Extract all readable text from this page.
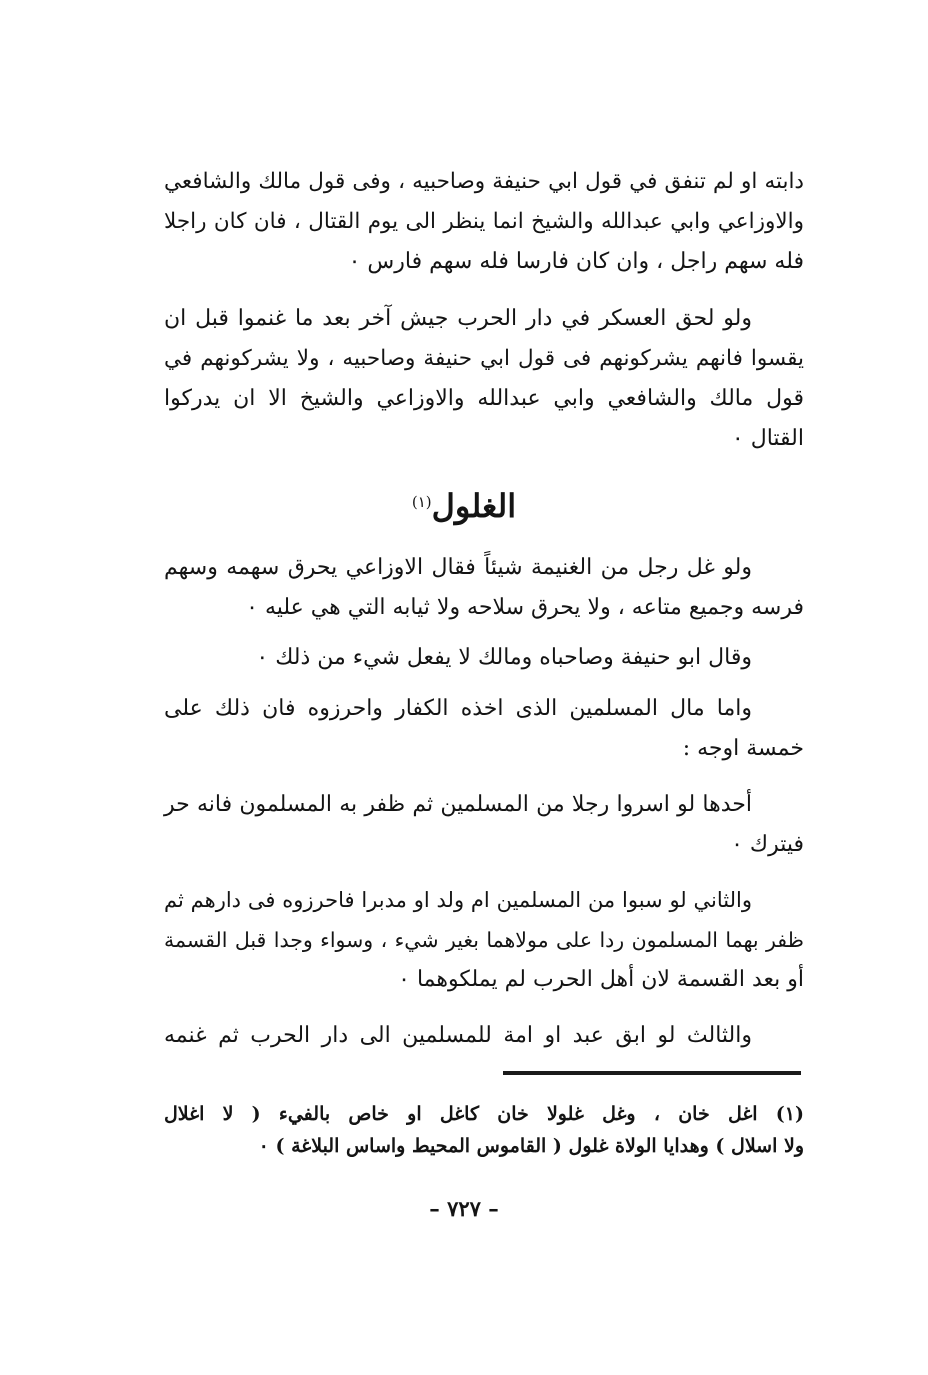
دابته او لم تنفق في قول ابي حنيفة وصاحبيه ، وفى قول مالك والشافعي
والاوزاعي وابي عبدالله والشيخ انما ينظر الى يوم القتال ، فان كان راجلا
فله سهم راجل ، وان كان فارسا فله سهم فارس ٠
ولو لحق العسكر في دار الحرب جيش آخر بعد ما غنموا قبل ان
يقسوا فانهم يشركونهم فى قول ابي حنيفة وصاحبيه ، ولا يشركونهم في
قول مالك والشافعي وابي عبدالله والاوزاعي والشيخ الا ان يدركوا
القتال ٠
الغلول$^{(١)}$
ولو غل رجل من الغنيمة شيئاً فقال الاوزاعي يحرق سهمه وسهم
فرسه وجميع متاعه ، ولا يحرق سلاحه ولا ثيابه التي هي عليه ٠
وقال ابو حنيفة وصاحباه ومالك لا يفعل شيء من ذلك ٠
واما مال المسلمين الذى اخذه الكفار واحرزوه فان ذلك على
خمسة اوجه :
أحدها لو اسروا رجلا من المسلمين ثم ظفر به المسلمون فانه حر
فيترك ٠
والثاني لو سبوا من المسلمين ام ولد او مدبرا فاحرزوه فى دارهم ثم
ظفر بهما المسلمون ردا على مولاهما بغير شيء ، وسواء وجدا قبل القسمة
أو بعد القسمة لان أهل الحرب لم يملكوهما ٠
والثالث لو ابق عبد او امة للمسلمين الى دار الحرب ثم غنمه
(١) اغل خان ، وغل غلولا خان كاغل او خاص بالفيء ( لا اغلال
ولا اسلال ) وهدايا الولاة غلول ( القاموس المحيط واساس البلاغة ) ٠
– ٧٢٧ –
